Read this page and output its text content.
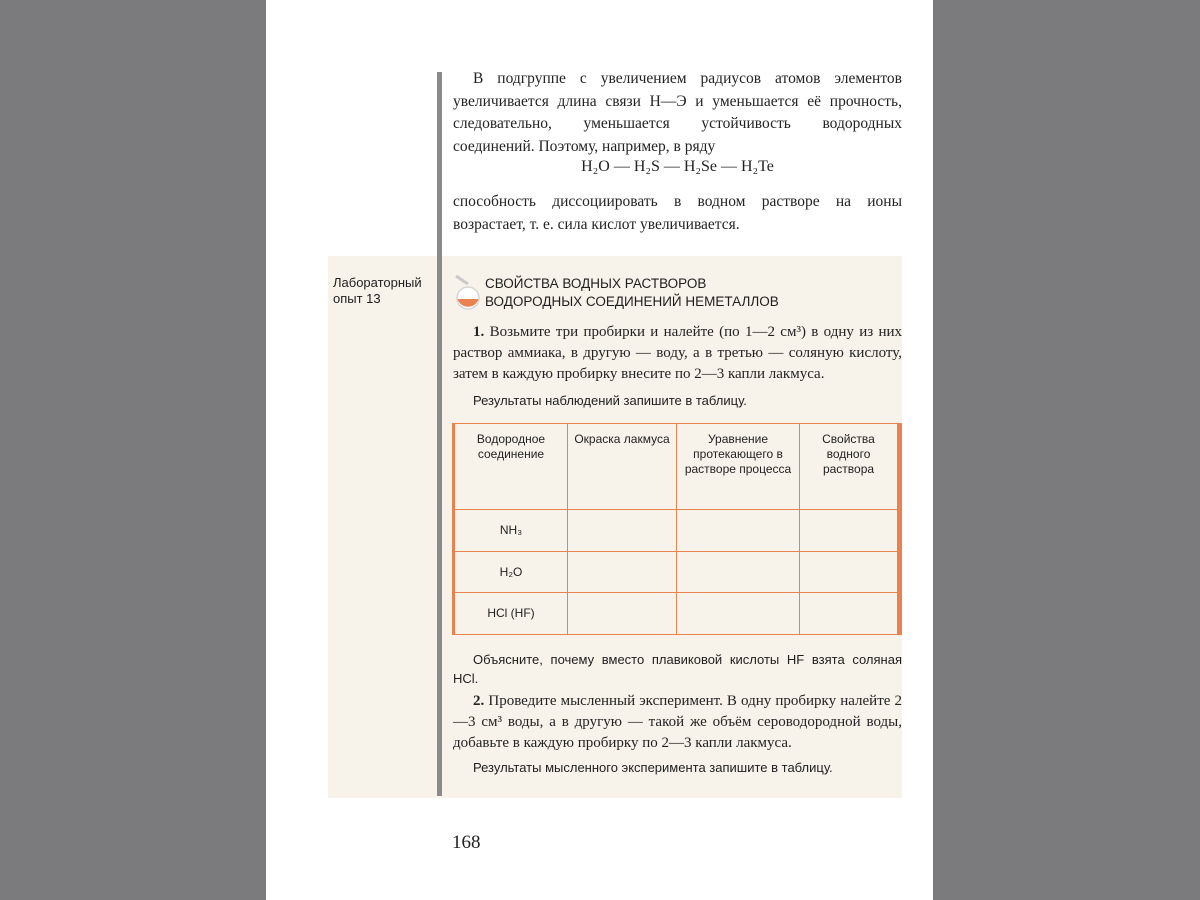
В подгруппе с увеличением радиусов атомов элементов увеличивается длина связи Н—Э и уменьшается её прочность, следовательно, уменьшается устойчивость водородных соединений. Поэтому, например, в ряду
H₂O — H₂S — H₂Se — H₂Te
способность диссоциировать в водном растворе на ионы возрастает, т. е. сила кислот увеличивается.
Лабораторный
опыт 13
СВОЙСТВА ВОДНЫХ РАСТВОРОВ
ВОДОРОДНЫХ СОЕДИНЕНИЙ НЕМЕТАЛЛОВ
1. Возьмите три пробирки и налейте (по 1—2 см³) в одну из них раствор аммиака, в другую — воду, а в третью — соляную кислоту, затем в каждую пробирку внесите по 2—3 капли лакмуса.
Результаты наблюдений запишите в таблицу.
Водородное соединение	Окраска лакмуса	Уравнение протекающего в растворе процесса	Свойства водного раствора
NH₃			
H₂O			
HCl (HF)			
Объясните, почему вместо плавиковой кислоты HF взята соляная HCl.
2. Проведите мысленный эксперимент. В одну пробирку налейте 2—3 см³ воды, а в другую — такой же объём сероводородной воды, добавьте в каждую пробирку по 2—3 капли лакмуса.
Результаты мысленного эксперимента запишите в таблицу.
168
